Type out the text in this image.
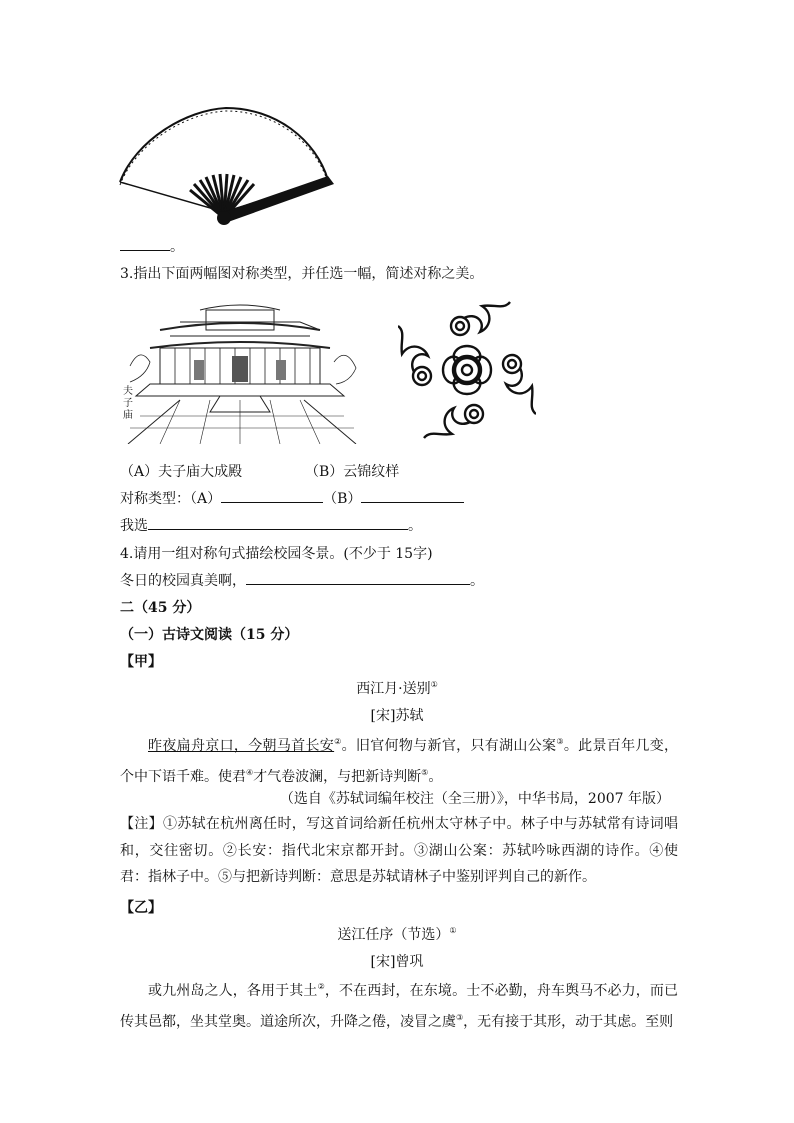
。
3.指出下面两幅图对称类型，并任选一幅，简述对称之美。
夫子庙
（A）夫子庙大成殿	（B）云锦纹样
对称类型：（A）	（B）
我选	。
4.请用一组对称句式描绘校园冬景。(不少于 15字)
冬日的校园真美啊，	。
二（45 分）
（一）古诗文阅读（15 分）
【甲】
西江月·送别①
[宋]苏轼
昨夜扁舟京口，今朝马首长安②。旧官何物与新官，只有湖山公案③。此景百年几变，个中下语千难。使君④才气卷波澜，与把新诗判断⑤。
（选自《苏轼词编年校注（全三册）》，中华书局，2007 年版）
【注】①苏轼在杭州离任时，写这首词给新任杭州太守林子中。林子中与苏轼常有诗词唱和，交往密切。②长安：指代北宋京都开封。③湖山公案：苏轼吟咏西湖的诗作。④使君：指林子中。⑤与把新诗判断：意思是苏轼请林子中鉴别评判自己的新作。
【乙】
送江任序（节选）①
[宋]曾巩
或九州岛之人，各用于其土②，不在西封，在东境。士不必勤，舟车舆马不必力，而已传其邑都，坐其堂奥。道途所次，升降之倦，凌冒之虞③，无有接于其形，动于其虑。至则
